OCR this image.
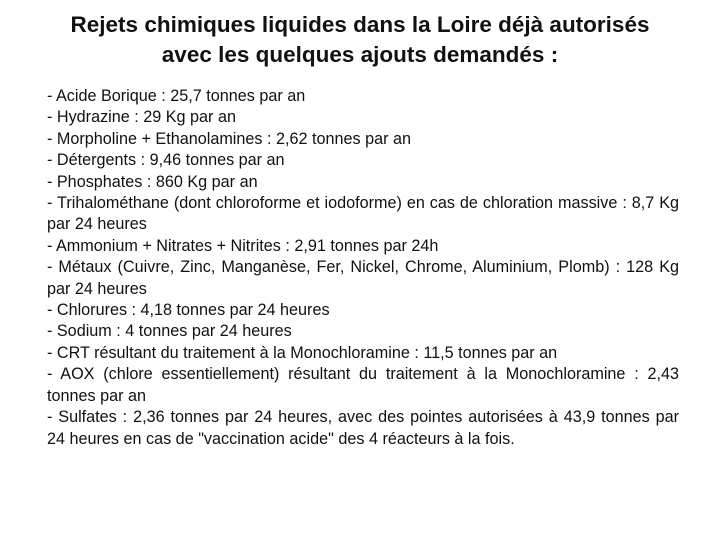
Rejets chimiques liquides dans la Loire déjà autorisés
avec les quelques ajouts demandés :
- Acide Borique : 25,7 tonnes par an
- Hydrazine : 29 Kg par an
- Morpholine + Ethanolamines : 2,62 tonnes par an
- Détergents : 9,46 tonnes par an
- Phosphates : 860 Kg par an
- Trihalométhane (dont chloroforme et iodoforme) en cas de chloration massive : 8,7 Kg par 24 heures
- Ammonium + Nitrates + Nitrites : 2,91 tonnes par 24h
- Métaux (Cuivre, Zinc, Manganèse, Fer, Nickel, Chrome, Aluminium, Plomb) : 128 Kg par 24 heures
- Chlorures : 4,18 tonnes par 24 heures
- Sodium : 4 tonnes par 24 heures
- CRT résultant du traitement à la Monochloramine : 11,5 tonnes par an
- AOX (chlore essentiellement) résultant du traitement à la Monochloramine : 2,43 tonnes par an
- Sulfates : 2,36 tonnes par 24 heures, avec des pointes autorisées à 43,9 tonnes par 24 heures en cas de "vaccination acide" des 4 réacteurs à la fois.
